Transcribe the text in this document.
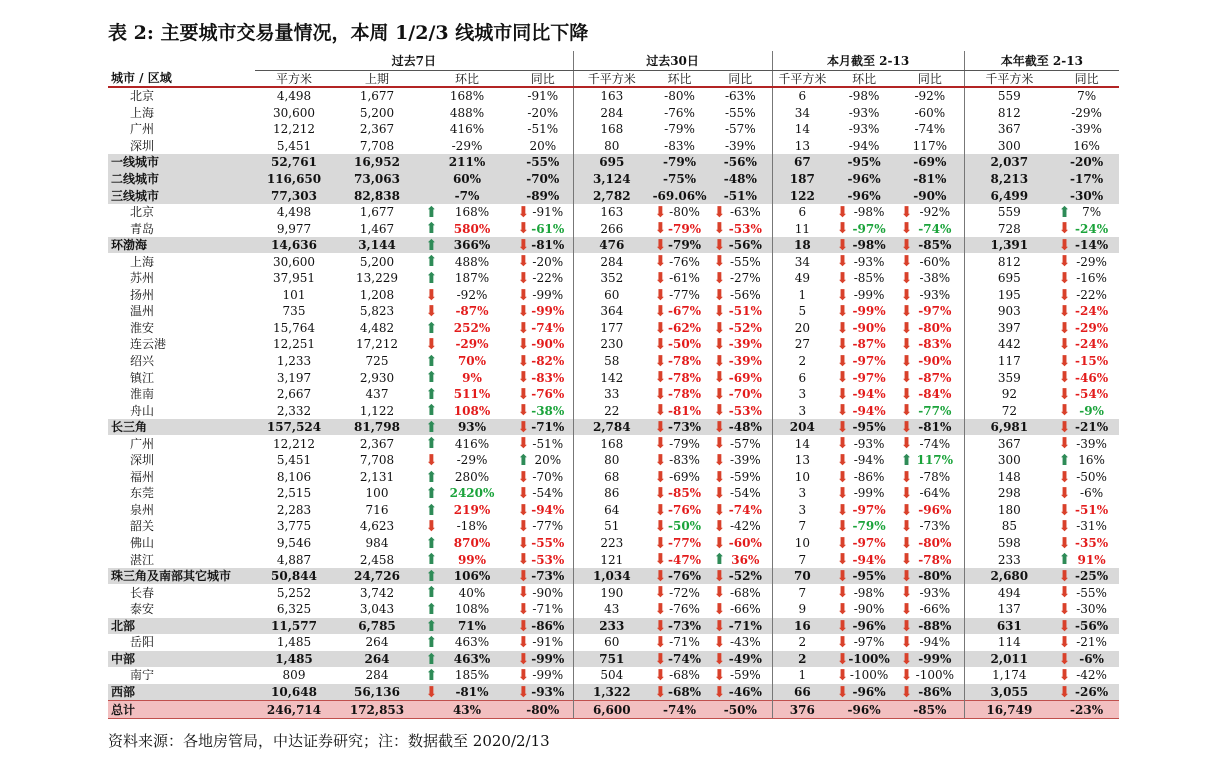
表 2: 主要城市交易量情况，本周 1/2/3 线城市同比下降
	过去7日				过去30日			本月截至 2-13			本年截至 2-13	
城市 / 区域	平方米	上期	环比	同比	千平方米	环比	同比	千平方米	环比	同比	千平方米	同比
北京	4,498	1,677	168%	-91%	163	-80%	-63%	6	-98%	-92%	559	7%
上海	30,600	5,200	488%	-20%	284	-76%	-55%	34	-93%	-60%	812	-29%
广州	12,212	2,367	416%	-51%	168	-79%	-57%	14	-93%	-74%	367	-39%
深圳	5,451	7,708	-29%	20%	80	-83%	-39%	13	-94%	117%	300	16%
一线城市	52,761	16,952	211%	-55%	695	-79%	-56%	67	-95%	-69%	2,037	-20%
二线城市	116,650	73,063	60%	-70%	3,124	-75%	-48%	187	-96%	-81%	8,213	-17%
三线城市	77,303	82,838	-7%	-89%	2,782	-69.06%	-51%	122	-96%	-90%	6,499	-30%
北京	4,498	1,677	⬆ 168%	⬇ -91%	163	⬇ -80%	⬇ -63%	6	⬇ -98%	⬇ -92%	559	⬆ 7%
青岛	9,977	1,467	⬆ 580%	⬇ -61%	266	⬇ -79%	⬇ -53%	11	⬇ -97%	⬇ -74%	728	⬇ -24%
环渤海	14,636	3,144	⬆ 366%	⬇ -81%	476	⬇ -79%	⬇ -56%	18	⬇ -98%	⬇ -85%	1,391	⬇ -14%
上海	30,600	5,200	⬆ 488%	⬇ -20%	284	⬇ -76%	⬇ -55%	34	⬇ -93%	⬇ -60%	812	⬇ -29%
苏州	37,951	13,229	⬆ 187%	⬇ -22%	352	⬇ -61%	⬇ -27%	49	⬇ -85%	⬇ -38%	695	⬇ -16%
扬州	101	1,208	⬇ -92%	⬇ -99%	60	⬇ -77%	⬇ -56%	1	⬇ -99%	⬇ -93%	195	⬇ -22%
温州	735	5,823	⬇ -87%	⬇ -99%	364	⬇ -67%	⬇ -51%	5	⬇ -99%	⬇ -97%	903	⬇ -24%
淮安	15,764	4,482	⬆ 252%	⬇ -74%	177	⬇ -62%	⬇ -52%	20	⬇ -90%	⬇ -80%	397	⬇ -29%
连云港	12,251	17,212	⬇ -29%	⬇ -90%	230	⬇ -50%	⬇ -39%	27	⬇ -87%	⬇ -83%	442	⬇ -24%
绍兴	1,233	725	⬆ 70%	⬇ -82%	58	⬇ -78%	⬇ -39%	2	⬇ -97%	⬇ -90%	117	⬇ -15%
镇江	3,197	2,930	⬆ 9%	⬇ -83%	142	⬇ -78%	⬇ -69%	6	⬇ -97%	⬇ -87%	359	⬇ -46%
淮南	2,667	437	⬆ 511%	⬇ -76%	33	⬇ -78%	⬇ -70%	3	⬇ -94%	⬇ -84%	92	⬇ -54%
舟山	2,332	1,122	⬆ 108%	⬇ -38%	22	⬇ -81%	⬇ -53%	3	⬇ -94%	⬇ -77%	72	⬇ -9%
长三角	157,524	81,798	⬆ 93%	⬇ -71%	2,784	⬇ -73%	⬇ -48%	204	⬇ -95%	⬇ -81%	6,981	⬇ -21%
广州	12,212	2,367	⬆ 416%	⬇ -51%	168	⬇ -79%	⬇ -57%	14	⬇ -93%	⬇ -74%	367	⬇ -39%
深圳	5,451	7,708	⬇ -29%	⬆ 20%	80	⬇ -83%	⬇ -39%	13	⬇ -94%	⬆ 117%	300	⬆ 16%
福州	8,106	2,131	⬆ 280%	⬇ -70%	68	⬇ -69%	⬇ -59%	10	⬇ -86%	⬇ -78%	148	⬇ -50%
东莞	2,515	100	⬆ 2420%	⬇ -54%	86	⬇ -85%	⬇ -54%	3	⬇ -99%	⬇ -64%	298	⬇ -6%
泉州	2,283	716	⬆ 219%	⬇ -94%	64	⬇ -76%	⬇ -74%	3	⬇ -97%	⬇ -96%	180	⬇ -51%
韶关	3,775	4,623	⬇ -18%	⬇ -77%	51	⬇ -50%	⬇ -42%	7	⬇ -79%	⬇ -73%	85	⬇ -31%
佛山	9,546	984	⬆ 870%	⬇ -55%	223	⬇ -77%	⬇ -60%	10	⬇ -97%	⬇ -80%	598	⬇ -35%
湛江	4,887	2,458	⬆ 99%	⬇ -53%	121	⬇ -47%	⬆ 36%	7	⬇ -94%	⬇ -78%	233	⬆ 91%
珠三角及南部其它城市	50,844	24,726	⬆ 106%	⬇ -73%	1,034	⬇ -76%	⬇ -52%	70	⬇ -95%	⬇ -80%	2,680	⬇ -25%
长春	5,252	3,742	⬆ 40%	⬇ -90%	190	⬇ -72%	⬇ -68%	7	⬇ -98%	⬇ -93%	494	⬇ -55%
泰安	6,325	3,043	⬆ 108%	⬇ -71%	43	⬇ -76%	⬇ -66%	9	⬇ -90%	⬇ -66%	137	⬇ -30%
北部	11,577	6,785	⬆ 71%	⬇ -86%	233	⬇ -73%	⬇ -71%	16	⬇ -96%	⬇ -88%	631	⬇ -56%
岳阳	1,485	264	⬆ 463%	⬇ -91%	60	⬇ -71%	⬇ -43%	2	⬇ -97%	⬇ -94%	114	⬇ -21%
中部	1,485	264	⬆ 463%	⬇ -99%	751	⬇ -74%	⬇ -49%	2	⬇ -100%	⬇ -99%	2,011	⬇ -6%
南宁	809	284	⬆ 185%	⬇ -99%	504	⬇ -68%	⬇ -59%	1	⬇ -100%	⬇ -100%	1,174	⬇ -42%
西部	10,648	56,136	⬇ -81%	⬇ -93%	1,322	⬇ -68%	⬇ -46%	66	⬇ -96%	⬇ -86%	3,055	⬇ -26%
总计	246,714	172,853	43%	-80%	6,600	-74%	-50%	376	-96%	-85%	16,749	-23%
资料来源：各地房管局，中达证券研究；注：数据截至 2020/2/13
